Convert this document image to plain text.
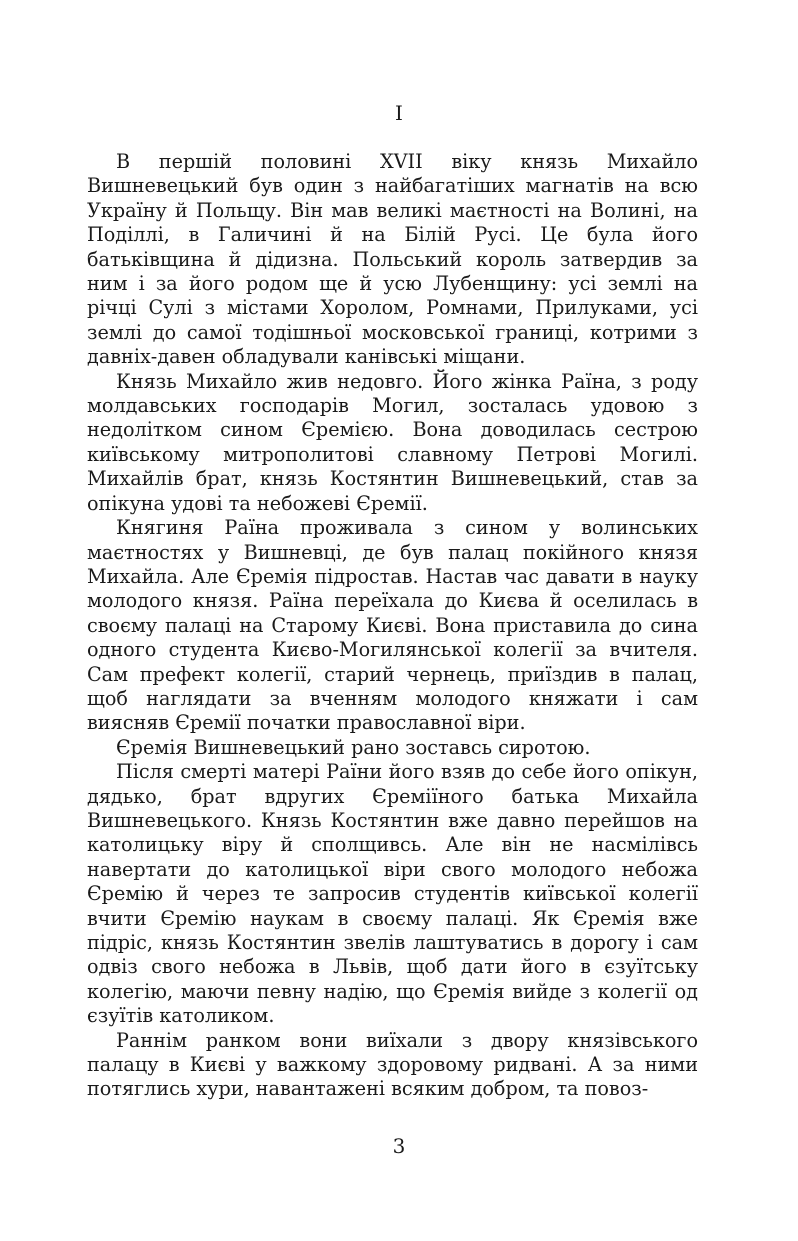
I

В першій половині XVII віку князь Михайло Вишневецький був один з найбагатіших магнатів на всю Україну й Польщу. Він мав великі маєтності на Волині, на Поділлі, в Галичині й на Білій Русі. Це була його батьківщина й дідизна. Польський король затвердив за ним і за його родом ще й усю Лубенщину: усі землі на річці Сулі з містами Хоролом, Ромнами, Прилуками, усі землі до самої тодішньої московської границі, котрими з давніх-давен обладували канівські міщани.

Князь Михайло жив недовго. Його жінка Раїна, з роду молдавських господарів Могил, зосталась удовою з недолітком сином Єремією. Вона доводилась сестрою київському митрополитові славному Петрові Могилі. Михайлів брат, князь Костянтин Вишневецький, став за опікуна удові та небожеві Єремії.

Княгиня Раїна проживала з сином у волинських маєтностях у Вишневці, де був палац покійного князя Михайла. Але Єремія підростав. Настав час давати в науку молодого князя. Раїна переїхала до Києва й оселилась в своєму палаці на Старому Києві. Вона приставила до сина одного студента Києво-Могилянської колегії за вчителя. Сам префект колегії, старий чернець, приїздив в палац, щоб наглядати за вченням молодого княжати і сам виясняв Єремії початки православної віри.

Єремія Вишневецький рано зоставсь сиротою.

Після смерті матері Раїни його взяв до себе його опікун, дядько, брат вдругих Єреміїного батька Михайла Вишневецького. Князь Костянтин вже давно перейшов на католицьку віру й сполщивсь. Але він не насмілівсь навертати до католицької віри свого молодого небожа Єремію й через те запросив студентів київської колегії вчити Єремію наукам в своєму палаці. Як Єремія вже підріс, князь Костянтин звелів лаштуватись в дорогу і сам одвіз свого небожа в Львів, щоб дати його в єзуїтську колегію, маючи певну надію, що Єремія вийде з колегії од єзуїтів католиком.

Раннім ранком вони виїхали з двору князівського палацу в Києві у важкому здоровому ридвані. А за ними потяглись хури, навантажені всяким добром, та повоз-

3
